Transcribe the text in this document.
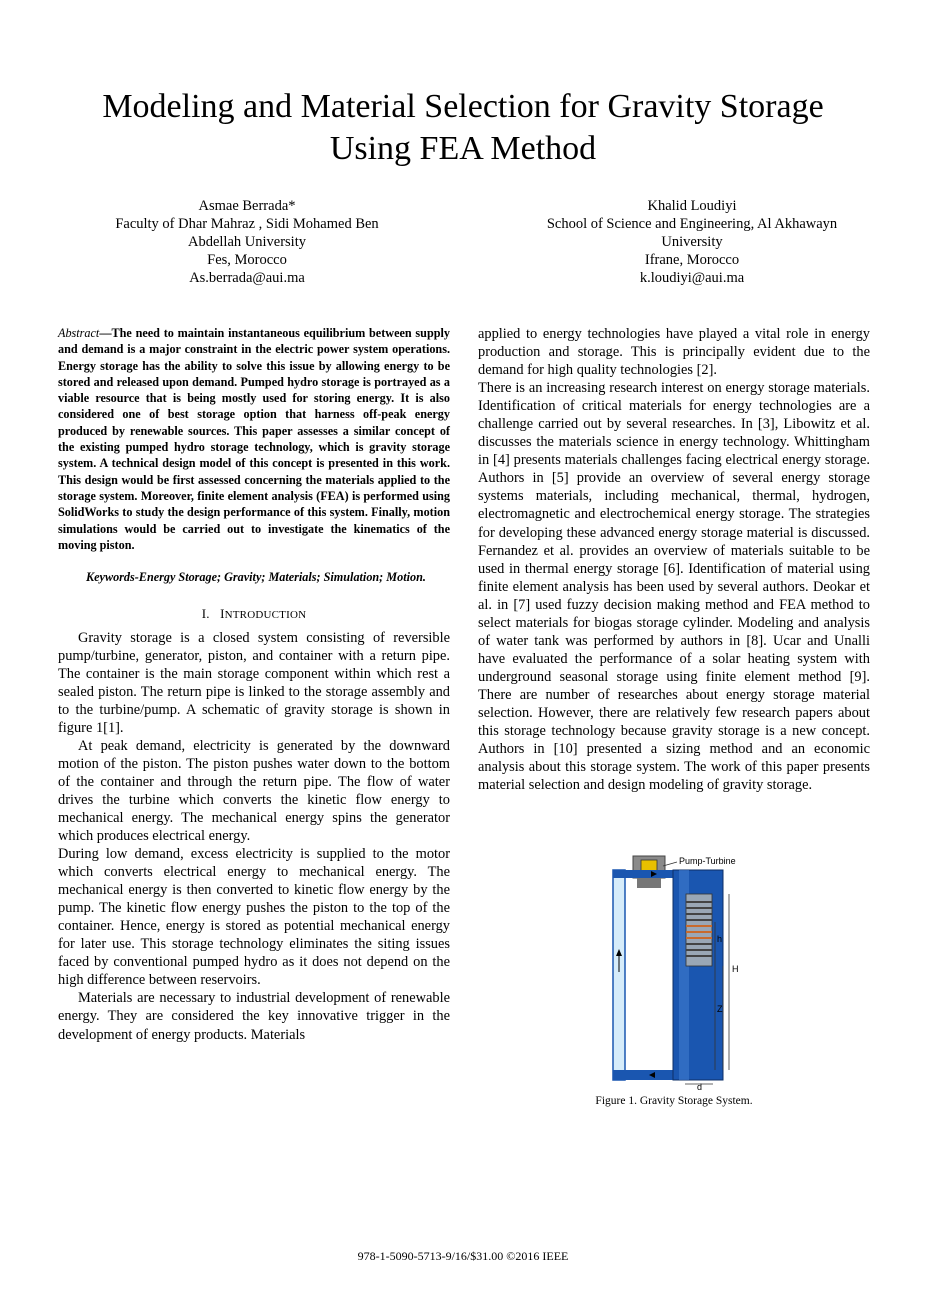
Modeling and Material Selection for Gravity Storage Using FEA Method
Asmae Berrada*
Faculty of Dhar Mahraz , Sidi Mohamed Ben
Abdellah University
Fes, Morocco
As.berrada@aui.ma
Khalid Loudiyi
School of Science and Engineering, Al Akhawayn
University
Ifrane, Morocco
k.loudiyi@aui.ma

Abstract—The need to maintain instantaneous equilibrium between supply and demand is a major constraint in the electric power system operations. Energy storage has the ability to solve this issue by allowing energy to be stored and released upon demand. Pumped hydro storage is portrayed as a viable resource that is being mostly used for storing energy. It is also considered one of best storage option that harness off-peak energy produced by renewable sources. This paper assesses a similar concept of the existing pumped hydro storage technology, which is gravity storage system. A technical design model of this concept is presented in this work. This design would be first assessed concerning the materials applied to the storage system. Moreover, finite element analysis (FEA) is performed using SolidWorks to study the design performance of this system. Finally, motion simulations would be carried out to investigate the kinematics of the moving piston.

Keywords-Energy Storage; Gravity; Materials; Simulation; Motion.

I. INTRODUCTION

Gravity storage is a closed system consisting of reversible pump/turbine, generator, piston, and container with a return pipe. The container is the main storage component within which rest a sealed piston. The return pipe is linked to the storage assembly and to the turbine/pump. A schematic of gravity storage is shown in figure 1[1].

At peak demand, electricity is generated by the downward motion of the piston. The piston pushes water down to the bottom of the container and through the return pipe. The flow of water drives the turbine which converts the kinetic flow energy to mechanical energy. The mechanical energy spins the generator which produces electrical energy.

During low demand, excess electricity is supplied to the motor which converts electrical energy to mechanical energy. The mechanical energy is then converted to kinetic flow energy by the pump. The kinetic flow energy pushes the piston to the top of the container. Hence, energy is stored as potential mechanical energy for later use. This storage technology eliminates the siting issues faced by conventional pumped hydro as it does not depend on the high difference between reservoirs.

Materials are necessary to industrial development of renewable energy. They are considered the key innovative trigger in the development of energy products. Materials

applied to energy technologies have played a vital role in energy production and storage. This is principally evident due to the demand for high quality technologies [2].

There is an increasing research interest on energy storage materials. Identification of critical materials for energy technologies are a challenge carried out by several researches. In [3], Libowitz et al. discusses the materials science in energy technology. Whittingham in [4] presents materials challenges facing electrical energy storage. Authors in [5] provide an overview of several energy storage systems materials, including mechanical, thermal, hydrogen, electromagnetic and electrochemical energy storage. The strategies for developing these advanced energy storage material is discussed. Fernandez et al. provides an overview of materials suitable to be used in thermal energy storage [6]. Identification of material using finite element analysis has been used by several authors. Deokar et al. in [7] used fuzzy decision making method and FEA method to select materials for biogas storage cylinder. Modeling and analysis of water tank was performed by authors in [8]. Ucar and Unalli have evaluated the performance of a solar heating system with underground seasonal storage using finite element method [9]. There are number of researches about energy storage material selection. However, there are relatively few research papers about this storage technology because gravity storage is a new concept. Authors in [10] presented a sizing method and an economic analysis about this storage system. The work of this paper presents material selection and design modeling of gravity storage.

Pump-Turbine
Water
Flow
Return
Pipe
h
H
Z
d
Figure 1. Gravity Storage System.
978-1-5090-5713-9/16/$31.00 ©2016 IEEE
